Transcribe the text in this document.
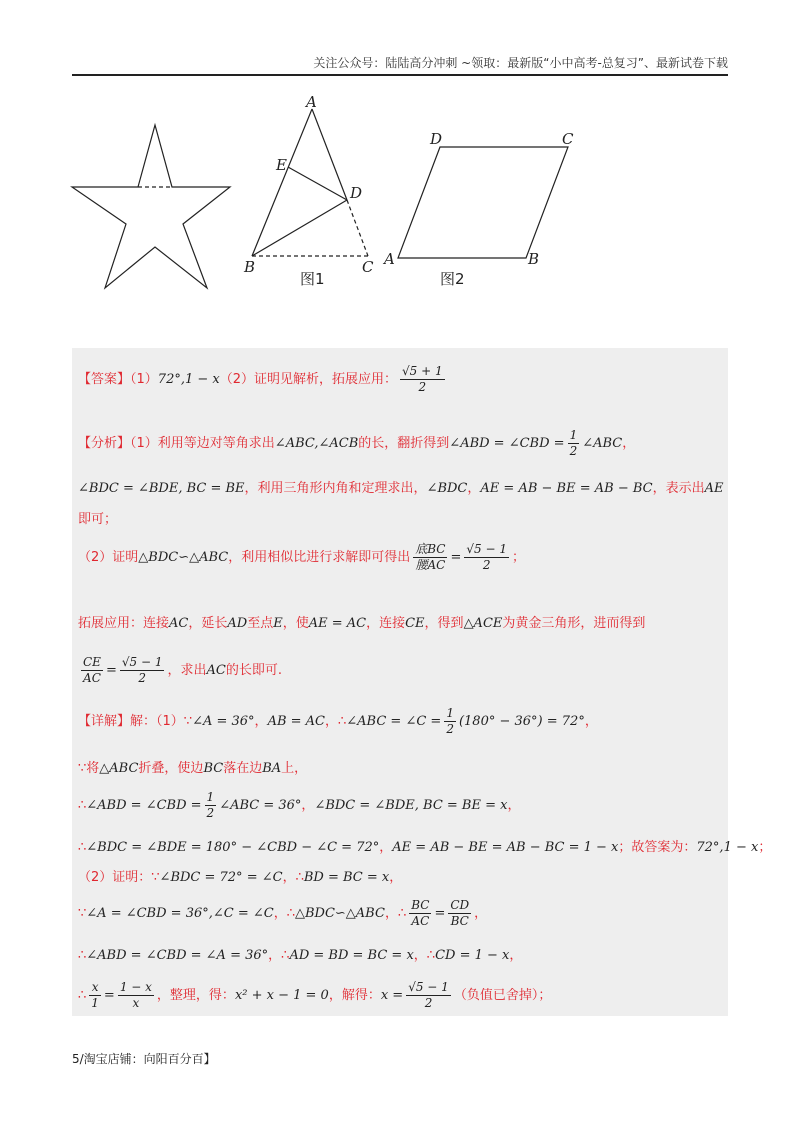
关注公众号：陆陆高分冲刺 ~领取：最新版“小中高考-总复习”、最新试卷下载
A
E
D
B	C
图1
D	C
A	B
图2
【答案】（1）72°,1 − x（2）证明见解析，拓展应用： $\frac{√5 + 1}{2}$
【分析】（1）利用等边对等角求出∠ABC,∠ACB的长，翻折得到∠ABD = ∠CBD = $\frac{1}{2}$ ∠ABC，
∠BDC = ∠BDE, BC = BE，利用三角形内角和定理求出，∠BDC，AE = AB − BE = AB − BC，表示出AE
即可；
（2）证明△BDC∽△ABC，利用相似比进行求解即可得出 $\frac{\text{底BC}}{\text{腰AC}} = \frac{√5 - 1}{2}$ ；
拓展应用：连接AC，延长AD至点E，使AE = AC，连接CE，得到△ACE为黄金三角形，进而得到
$\frac{CE}{AC} = \frac{√5 - 1}{2}$ ，求出AC的长即可.
【详解】解：（1）∵∠A = 36°，AB = AC，∴∠ABC = ∠C = $\frac{1}{2} (180^\circ - 36^\circ) = 72^\circ$，
∵将△ABC折叠，使边BC落在边BA上，
∴∠ABD = ∠CBD = $\frac{1}{2}$ ∠ABC = 36°，∠BDC = ∠BDE, BC = BE = x，
∴∠BDC = ∠BDE = 180° − ∠CBD − ∠C = 72°，AE = AB − BE = AB − BC = 1 − x；故答案为：72°,1 − x；
（2）证明：∵∠BDC = 72° = ∠C，∴BD = BC = x，
∵∠A = ∠CBD = 36°,∠C = ∠C，∴△BDC∽△ABC，∴ $\frac{BC}{AC} = \frac{CD}{BC}$ ，
∴∠ABD = ∠CBD = ∠A = 36°，∴AD = BD = BC = x，∴CD = 1 − x，
∴ $\frac{x}{1} = \frac{1 - x}{x}$ ，整理，得：x² + x − 1 = 0，解得：$x = \frac{√5 - 1}{2}$ （负值已舍掉）；
5/淘宝店铺：向阳百分百】
